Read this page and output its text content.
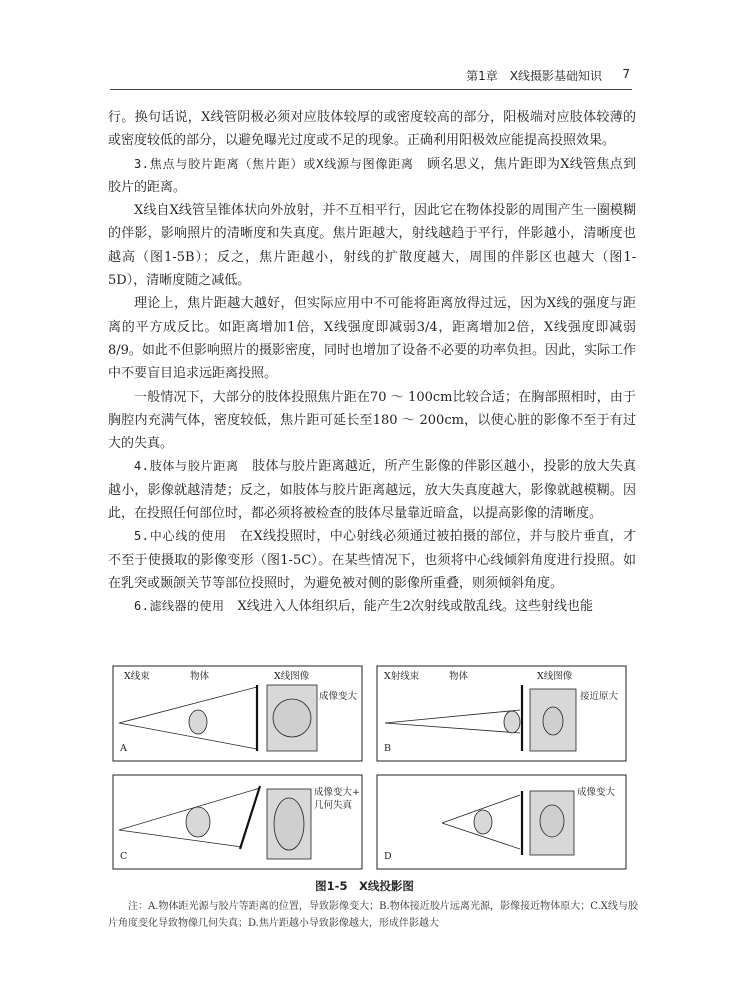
第1章　X线摄影基础知识 7

行。换句话说，X线管阴极必须对应肢体较厚的或密度较高的部分，阳极端对应肢体较薄的或密度较低的部分，以避免曝光过度或不足的现象。正确利用阳极效应能提高投照效果。

3.焦点与胶片距离（焦片距）或X线源与图像距离　顾名思义，焦片距即为X线管焦点到胶片的距离。

X线自X线管呈锥体状向外放射，并不互相平行，因此它在物体投影的周围产生一圈模糊的伴影，影响照片的清晰度和失真度。焦片距越大，射线越趋于平行，伴影越小，清晰度也越高（图1-5B）；反之，焦片距越小，射线的扩散度越大，周围的伴影区也越大（图1-5D），清晰度随之减低。

理论上，焦片距越大越好，但实际应用中不可能将距离放得过远，因为X线的强度与距离的平方成反比。如距离增加1倍，X线强度即减弱3/4，距离增加2倍，X线强度即减弱8/9。如此不但影响照片的摄影密度，同时也增加了设备不必要的功率负担。因此，实际工作中不要盲目追求远距离投照。

一般情况下，大部分的肢体投照焦片距在70 ～ 100cm比较合适；在胸部照相时，由于胸腔内充满气体，密度较低，焦片距可延长至180 ～ 200cm，以使心脏的影像不至于有过大的失真。

4.肢体与胶片距离　肢体与胶片距离越近，所产生影像的伴影区越小，投影的放大失真越小，影像就越清楚；反之，如肢体与胶片距离越远，放大失真度越大，影像就越模糊。因此，在投照任何部位时，都必须将被检查的肢体尽量靠近暗盒，以提高影像的清晰度。

5.中心线的使用　在X线投照时，中心射线必须通过被拍摄的部位，并与胶片垂直，才不至于使摄取的影像变形（图1-5C）。在某些情况下，也须将中心线倾斜角度进行投照。如在乳突或颞颌关节等部位投照时，为避免被对侧的影像所重叠，则须倾斜角度。

6.滤线器的使用　X线进入人体组织后，能产生2次射线或散乱线。这些射线也能

X线束	物体	X线图像
成像变大
A
X射线束	物体	X线图像
接近原大
B
成像变大+
几何失真
C
成像变大
D
图1-5　X线投影图

注：A.物体距光源与胶片等距离的位置，导致影像变大；B.物体接近胶片远离光源，影像接近物体原大；C.X线与胶片角度变化导致物像几何失真；D.焦片距越小导致影像越大，形成伴影越大
